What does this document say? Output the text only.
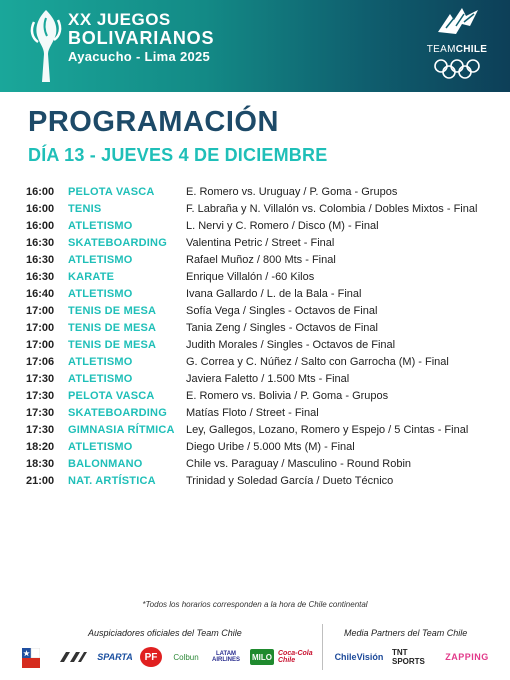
XX JUEGOS
BOLIVARIANOS
Ayacucho - Lima 2025	TEAMCHILE
PROGRAMACIÓN
DÍA 13 - JUEVES 4 DE DICIEMBRE
16:00	PELOTA VASCA	E. Romero vs. Uruguay / P. Goma - Grupos
16:00	TENIS	F. Labraña y N. Villalón vs. Colombia / Dobles Mixtos - Final
16:00	ATLETISMO	L. Nervi y C. Romero / Disco (M) - Final
16:30	SKATEBOARDING	Valentina Petric / Street - Final
16:30	ATLETISMO	Rafael Muñoz / 800 Mts - Final
16:30	KARATE	Enrique Villalón / -60 Kilos
16:40	ATLETISMO	Ivana Gallardo / L. de la Bala - Final
17:00	TENIS DE MESA	Sofía Vega / Singles - Octavos de Final
17:00	TENIS DE MESA	Tania Zeng / Singles - Octavos de Final
17:00	TENIS DE MESA	Judith Morales / Singles - Octavos de Final
17:06	ATLETISMO	G. Correa y C. Núñez / Salto con Garrocha (M) - Final
17:30	ATLETISMO	Javiera Faletto / 1.500 Mts - Final
17:30	PELOTA VASCA	E. Romero vs. Bolivia / P. Goma - Grupos
17:30	SKATEBOARDING	Matías Floto / Street - Final
17:30	GIMNASIA RÍTMICA	Ley, Gallegos, Lozano, Romero y Espejo / 5 Cintas - Final
18:20	ATLETISMO	Diego Uribe / 5.000 Mts (M) - Final
18:30	BALONMANO	Chile vs. Paraguay / Masculino - Round Robin
21:00	NAT. ARTÍSTICA	Trinidad y Soledad García / Dueto Técnico
*Todos los horarios corresponden a la hora de Chile continental
Auspiciadores oficiales del Team Chile	Media Partners del Team Chile
SPARTA	PF	Colbun	LATAM AIRLINES	MILO Coca-Cola Chile	ChileVisión	TNT SPORTS	ZAPPING
